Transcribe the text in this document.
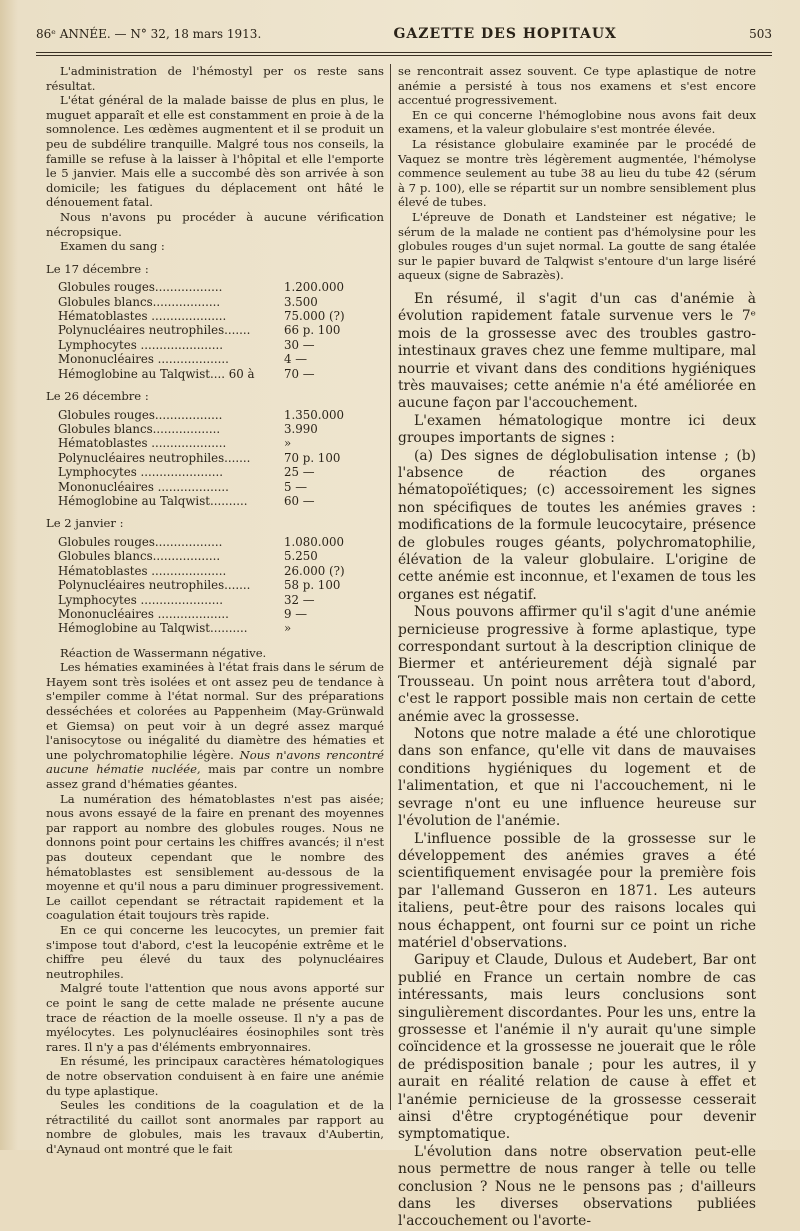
86ᵉ ANNÉE. — N° 32, 18 mars 1913.	GAZETTE DES HOPITAUX	503

L'administration de l'hémostyl per os reste sans résultat.

L'état général de la malade baisse de plus en plus, le muguet apparaît et elle est constamment en proie à de la somnolence. Les œdèmes augmentent et il se produit un peu de subdélire tranquille. Malgré tous nos conseils, la famille se refuse à la laisser à l'hôpital et elle l'emporte le 5 janvier. Mais elle a succombé dès son arrivée à son domicile; les fatigues du déplacement ont hâté le dénouement fatal.

Nous n'avons pu procéder à aucune vérification nécropsique.

Examen du sang :

Le 17 décembre :

Globules rouges..................	1.200.000
Globules blancs..................	3.500
Hématoblastes ....................	75.000 (?)
Polynucléaires neutrophiles.......	66 p. 100
Lymphocytes ......................	30 —
Mononucléaires ...................	4 —
Hémoglobine au Talqwist.... 60 à	70 —

Le 26 décembre :

Globules rouges..................	1.350.000
Globules blancs..................	3.990
Hématoblastes ....................	»
Polynucléaires neutrophiles.......	70 p. 100
Lymphocytes ......................	25 —
Mononucléaires ...................	5 —
Hémoglobine au Talqwist..........	60 —

Le 2 janvier :

Globules rouges..................	1.080.000
Globules blancs..................	5.250
Hématoblastes ....................	26.000 (?)
Polynucléaires neutrophiles.......	58 p. 100
Lymphocytes ......................	32 —
Mononucléaires ...................	9 —
Hémoglobine au Talqwist..........	»

Réaction de Wassermann négative.

Les hématies examinées à l'état frais dans le sérum de Hayem sont très isolées et ont assez peu de tendance à s'empiler comme à l'état normal. Sur des préparations desséchées et colorées au Pappenheim (May-Grünwald et Giemsa) on peut voir à un degré assez marqué l'anisocytose ou inégalité du diamètre des hématies et une polychromatophilie légère. Nous n'avons rencontré aucune hématie nucléée, mais par contre un nombre assez grand d'hématies géantes.

La numération des hématoblastes n'est pas aisée; nous avons essayé de la faire en prenant des moyennes par rapport au nombre des globules rouges. Nous ne donnons point pour certains les chiffres avancés; il n'est pas douteux cependant que le nombre des hématoblastes est sensiblement au-dessous de la moyenne et qu'il nous a paru diminuer progressivement. Le caillot cependant se rétractait rapidement et la coagulation était toujours très rapide.

En ce qui concerne les leucocytes, un premier fait s'impose tout d'abord, c'est la leucopénie extrême et le chiffre peu élevé du taux des polynucléaires neutrophiles.

Malgré toute l'attention que nous avons apporté sur ce point le sang de cette malade ne présente aucune trace de réaction de la moelle osseuse. Il n'y a pas de myélocytes. Les polynucléaires éosinophiles sont très rares. Il n'y a pas d'éléments embryonnaires.

En résumé, les principaux caractères hématologiques de notre observation conduisent à en faire une anémie du type aplastique.

Seules les conditions de la coagulation et de la rétractilité du caillot sont anormales par rapport au nombre de globules, mais les travaux d'Aubertin, d'Aynaud ont montré que le fait

se rencontrait assez souvent. Ce type aplastique de notre anémie a persisté à tous nos examens et s'est encore accentué progressivement.

En ce qui concerne l'hémoglobine nous avons fait deux examens, et la valeur globulaire s'est montrée élevée.

La résistance globulaire examinée par le procédé de Vaquez se montre très légèrement augmentée, l'hémolyse commence seulement au tube 38 au lieu du tube 42 (sérum à 7 p. 100), elle se répartit sur un nombre sensiblement plus élevé de tubes.

L'épreuve de Donath et Landsteiner est négative; le sérum de la malade ne contient pas d'hémolysine pour les globules rouges d'un sujet normal. La goutte de sang étalée sur le papier buvard de Talqwist s'entoure d'un large liséré aqueux (signe de Sabrazès).

En résumé, il s'agit d'un cas d'anémie à évolution rapidement fatale survenue vers le 7ᵉ mois de la grossesse avec des troubles gastro-intestinaux graves chez une femme multipare, mal nourrie et vivant dans des conditions hygiéniques très mauvaises; cette anémie n'a été améliorée en aucune façon par l'accouchement.

L'examen hématologique montre ici deux groupes importants de signes :

(a) Des signes de déglobulisation intense ; (b) l'absence de réaction des organes hématopoïétiques; (c) accessoirement les signes non spécifiques de toutes les anémies graves : modifications de la formule leucocytaire, présence de globules rouges géants, polychromatophilie, élévation de la valeur globulaire. L'origine de cette anémie est inconnue, et l'examen de tous les organes est négatif.

Nous pouvons affirmer qu'il s'agit d'une anémie pernicieuse progressive à forme aplastique, type correspondant surtout à la description clinique de Biermer et antérieurement déjà signalé par Trousseau. Un point nous arrêtera tout d'abord, c'est le rapport possible mais non certain de cette anémie avec la grossesse.

Notons que notre malade a été une chlorotique dans son enfance, qu'elle vit dans de mauvaises conditions hygiéniques du logement et de l'alimentation, et que ni l'accouchement, ni le sevrage n'ont eu une influence heureuse sur l'évolution de l'anémie.

L'influence possible de la grossesse sur le développement des anémies graves a été scientifiquement envisagée pour la première fois par l'allemand Gusseron en 1871. Les auteurs italiens, peut-être pour des raisons locales qui nous échappent, ont fourni sur ce point un riche matériel d'observations.

Garipuy et Claude, Dulous et Audebert, Bar ont publié en France un certain nombre de cas intéressants, mais leurs conclusions sont singulièrement discordantes. Pour les uns, entre la grossesse et l'anémie il n'y aurait qu'une simple coïncidence et la grossesse ne jouerait que le rôle de prédisposition banale ; pour les autres, il y aurait en réalité relation de cause à effet et l'anémie pernicieuse de la grossesse cesserait ainsi d'être cryptogénétique pour devenir symptomatique.

L'évolution dans notre observation peut-elle nous permettre de nous ranger à telle ou telle conclusion ? Nous ne le pensons pas ; d'ailleurs dans les diverses observations publiées l'accouchement ou l'avorte-
